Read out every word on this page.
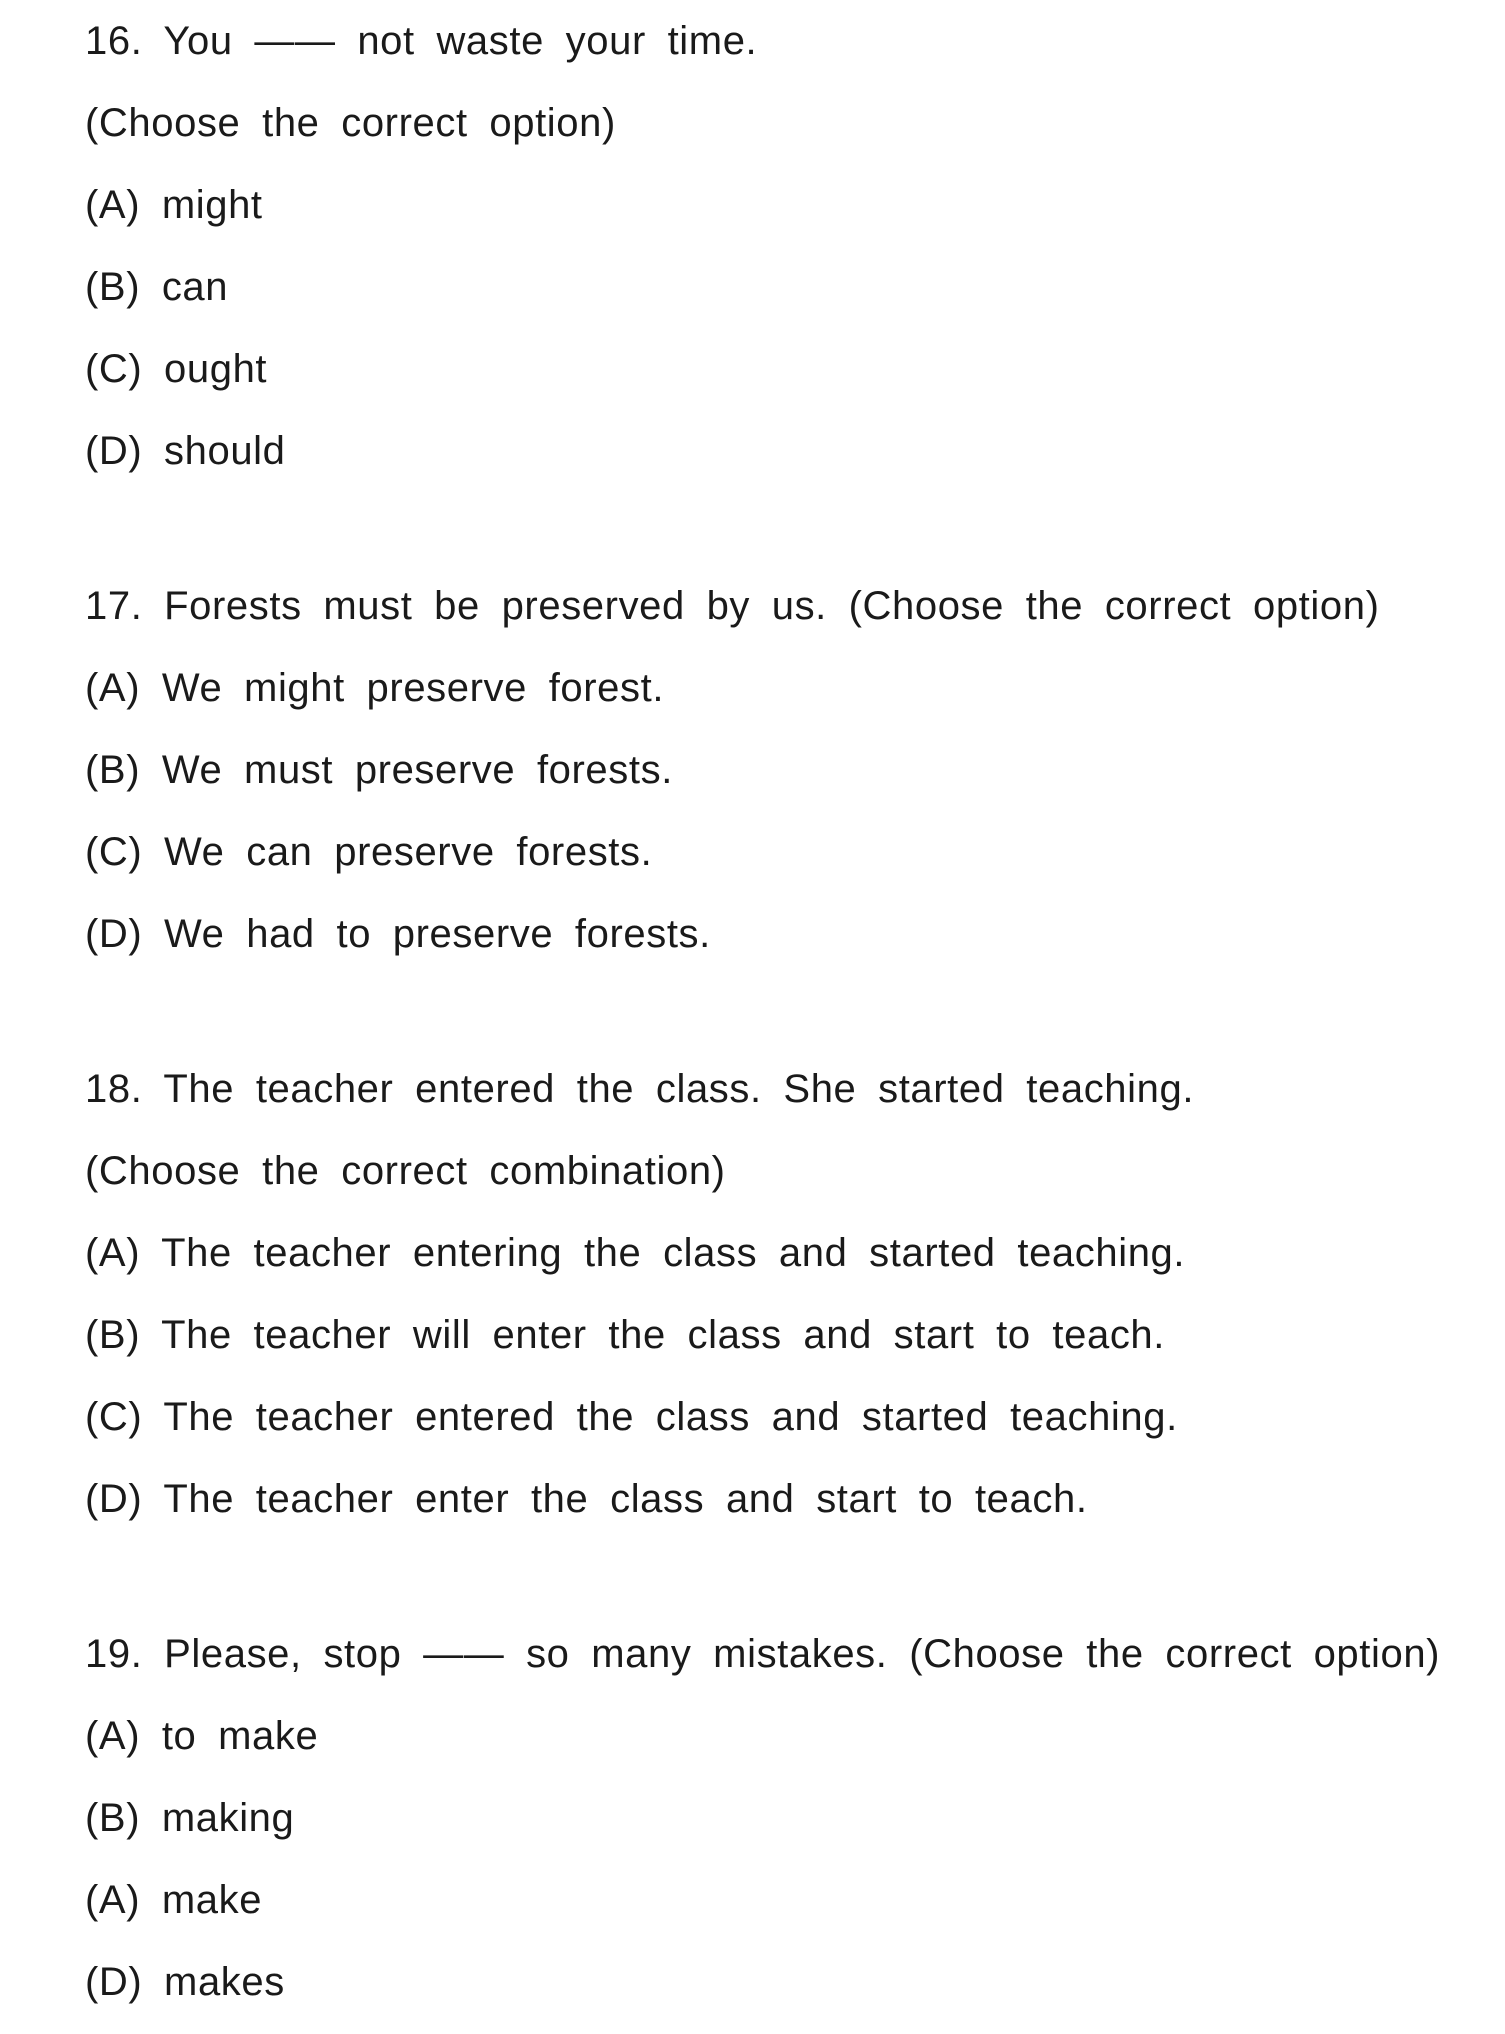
16. You —— not waste your time.
(Choose the correct option)
(A) might
(B) can
(C) ought
(D) should
17. Forests must be preserved by us. (Choose the correct option)
(A) We might preserve forest.
(B) We must preserve forests.
(C) We can preserve forests.
(D) We had to preserve forests.
18. The teacher entered the class. She started teaching.
(Choose the correct combination)
(A) The teacher entering the class and started teaching.
(B) The teacher will enter the class and start to teach.
(C) The teacher entered the class and started teaching.
(D) The teacher enter the class and start to teach.
19. Please, stop —— so many mistakes. (Choose the correct option)
(A) to make
(B) making
(A) make
(D) makes
